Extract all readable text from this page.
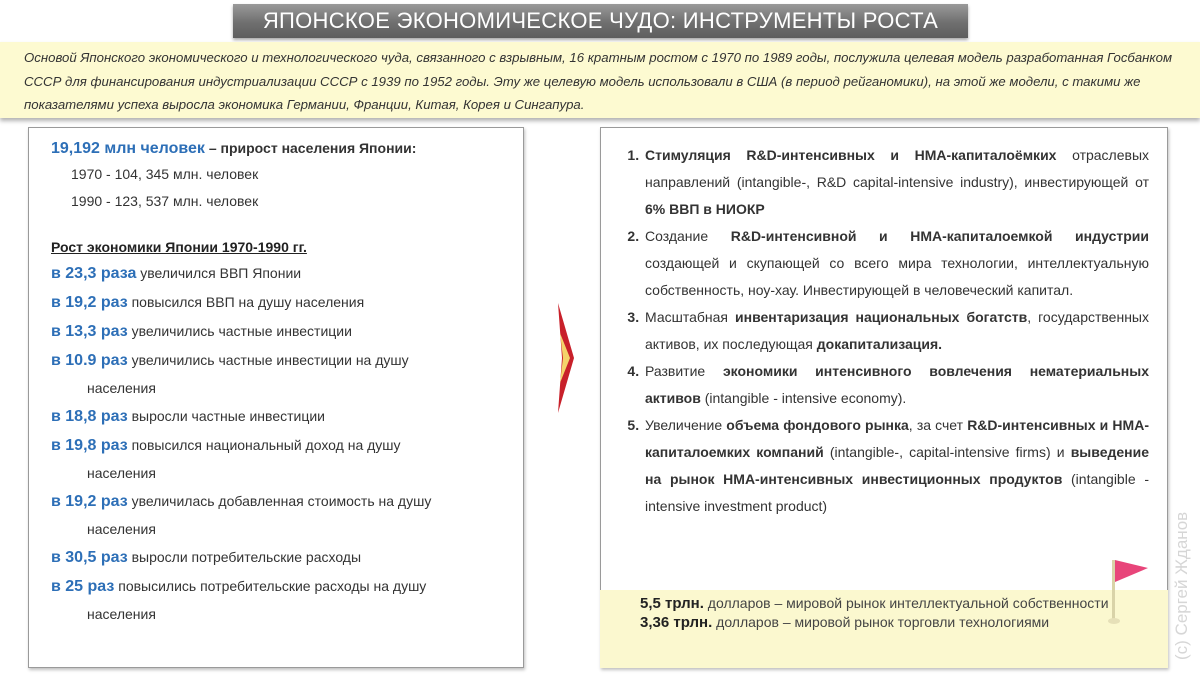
ЯПОНСКОЕ ЭКОНОМИЧЕСКОЕ ЧУДО: ИНСТРУМЕНТЫ РОСТА
Основой Японского экономического и технологического чуда, связанного с взрывным, 16 кратным ростом с 1970 по 1989 годы, послужила целевая модель разработанная Госбанком СССР для финансирования индустриализации СССР с 1939 по 1952 годы. Эту же целевую модель использовали в США (в период рейганомики), на этой же модели, с такими же показателями успеха выросла экономика Германии, Франции, Китая, Корея и Сингапура.
19,192 млн человек – прирост населения Японии:
1970 - 104, 345 млн. человек
1990 - 123, 537 млн. человек
Рост экономики Японии 1970-1990 гг.
в 23,3 раза увеличился ВВП Японии
в 19,2 раз повысился ВВП на душу населения
в 13,3 раз увеличились частные инвестиции
в 10.9 раз увеличились частные инвестиции на душу
населения
в 18,8 раз выросли частные инвестиции
в 19,8 раз повысился национальный доход на душу
населения
в 19,2 раз увеличилась добавленная стоимость на душу
населения
в 30,5 раз выросли потребительские расходы
в 25 раз повысились потребительские расходы на душу
населения
1. Стимуляция R&D-интенсивных и НМА-капиталоёмких отраслевых направлений (intangible-, R&D capital-intensive industry), инвестирующей от 6% ВВП в НИОКР
2. Создание R&D-интенсивной и НМА-капиталоемкой индустрии создающей и скупающей со всего мира технологии, интеллектуальную собственность, ноу-хау. Инвестирующей в человеческий капитал.
3. Масштабная инвентаризация национальных богатств, государственных активов, их последующая докапитализация.
4. Развитие экономики интенсивного вовлечения нематериальных активов (intangible - intensive economy).
5. Увеличение объема фондового рынка, за счет R&D-интенсивных и НМА-капиталоемких компаний (intangible-, capital-intensive firms) и выведение на рынок НМА-интенсивных инвестиционных продуктов (intangible - intensive investment product)
5,5 трлн. долларов – мировой рынок интеллектуальной собственности
3,36 трлн. долларов – мировой рынок торговли технологиями	(с) Сергей Жданов
